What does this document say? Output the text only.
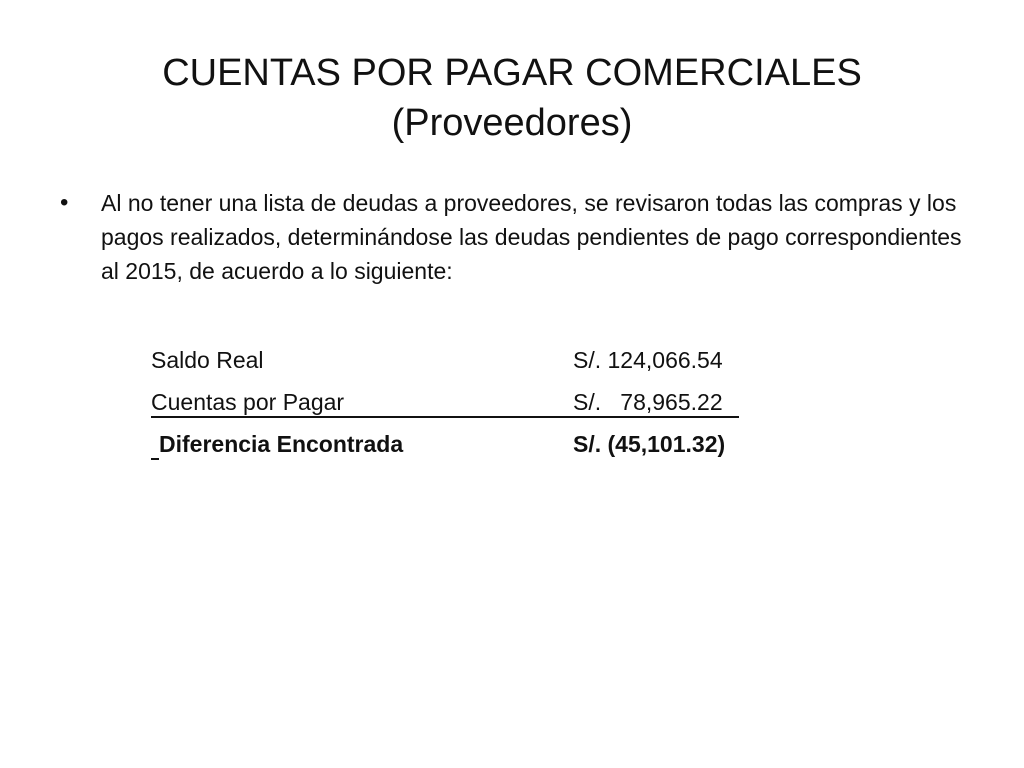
CUENTAS POR PAGAR COMERCIALES
(Proveedores)
• Al no tener una lista de deudas a proveedores, se revisaron todas las compras y los pagos realizados, determinándose las deudas pendientes de pago correspondientes al 2015, de acuerdo a lo siguiente:
Saldo Real	S/. 124,066.54
Cuentas por Pagar	S/.   78,965.22
Diferencia Encontrada	S/. (45,101.32)
